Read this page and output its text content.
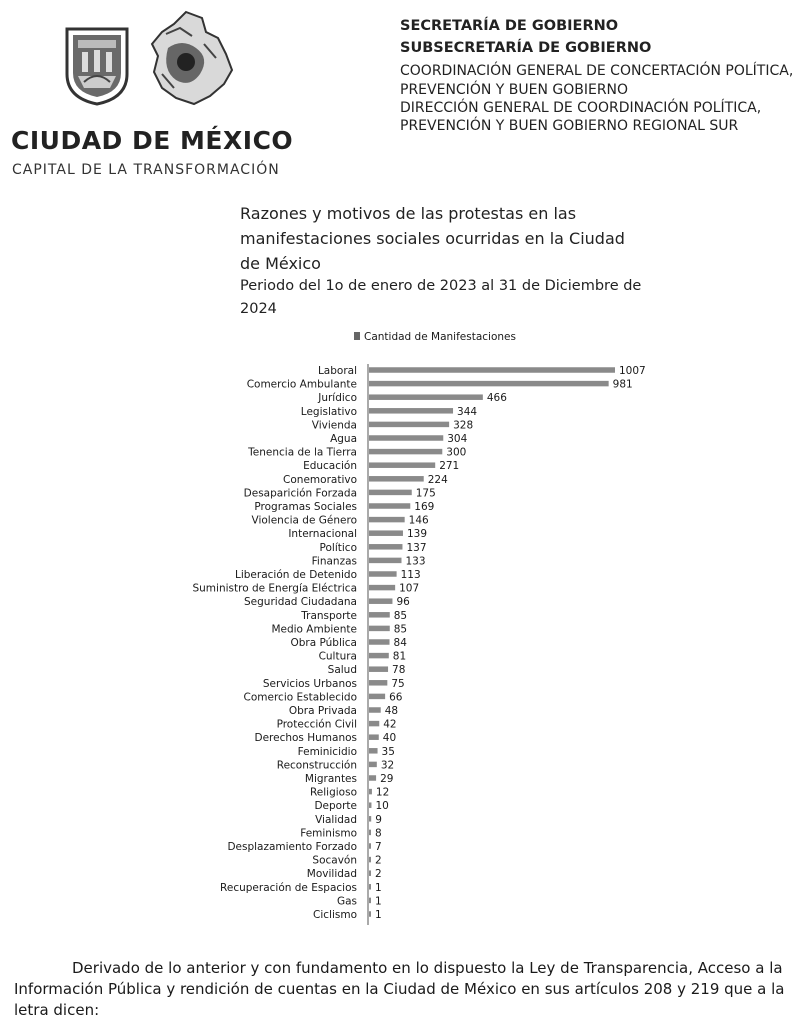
CIUDAD DE MÉXICO
CAPITAL DE LA TRANSFORMACIÓN
SECRETARÍA DE GOBIERNO
SUBSECRETARÍA DE GOBIERNO
COORDINACIÓN GENERAL DE CONCERTACIÓN POLÍTICA,
PREVENCIÓN Y BUEN GOBIERNO
DIRECCIÓN GENERAL DE COORDINACIÓN POLÍTICA,
PREVENCIÓN Y BUEN GOBIERNO REGIONAL SUR
Razones y motivos de las protestas en las
manifestaciones sociales ocurridas en la Ciudad
de México
Periodo del 1o de enero de 2023 al 31 de Diciembre de
2024
Cantidad de Manifestaciones
Laboral	1007
Comercio Ambulante	981
Jurídico	466
Legislativo	344
Vivienda	328
Agua	304
Tenencia de la Tierra	300
Educación	271
Conemorativo	224
Desaparición Forzada	175
Programas Sociales	169
Violencia de Género	146
Internacional	139
Político	137
Finanzas	133
Liberación de Detenido	113
Suministro de Energía Eléctrica	107
Seguridad Ciudadana	96
Transporte	85
Medio Ambiente	85
Obra Pública	84
Cultura	81
Salud	78
Servicios Urbanos	75
Comercio Establecido	66
Obra Privada	48
Protección Civil	42
Derechos Humanos 40
Feminicidio 35
Reconstrucción 32
Migrantes 29
Religioso 12
Deporte 10
Vialidad 9
Feminismo 8
Desplazamiento Forzado 7
Socavón 2
Movilidad 2
Recuperación de Espacios 1
Gas 1
Ciclismo 1

Derivado de lo anterior y con fundamento en lo dispuesto la Ley de Transparencia, Acceso a la Información Pública y rendición de cuentas en la Ciudad de México en sus artículos 208 y 219 que a la letra dicen:
